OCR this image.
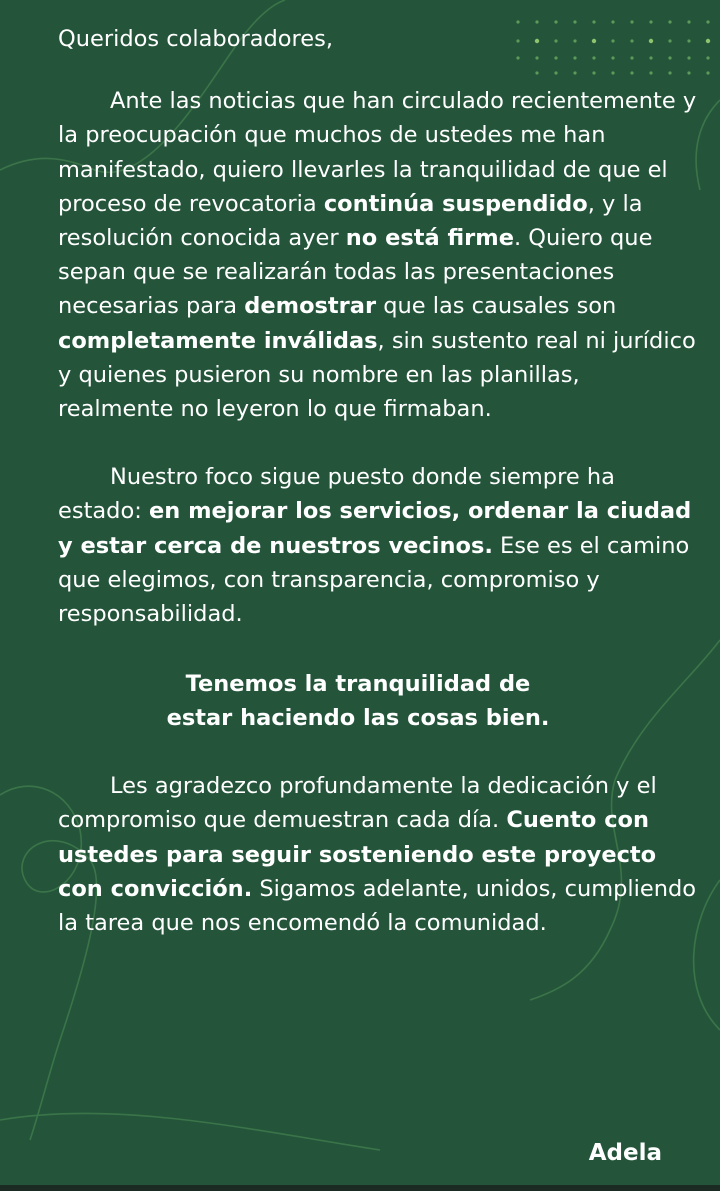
Queridos colaboradores,

Ante las noticias que han circulado recientemente y la preocupación que muchos de ustedes me han manifestado, quiero llevarles la tranquilidad de que el proceso de revocatoria continúa suspendido, y la resolución conocida ayer no está firme. Quiero que sepan que se realizarán todas las presentaciones necesarias para demostrar que las causales son completamente inválidas, sin sustento real ni jurídico y quienes pusieron su nombre en las planillas, realmente no leyeron lo que firmaban.

Nuestro foco sigue puesto donde siempre ha estado: en mejorar los servicios, ordenar la ciudad y estar cerca de nuestros vecinos. Ese es el camino que elegimos, con transparencia, compromiso y responsabilidad.

Tenemos la tranquilidad de
estar haciendo las cosas bien.

Les agradezco profundamente la dedicación y el compromiso que demuestran cada día. Cuento con ustedes para seguir sosteniendo este proyecto con convicción. Sigamos adelante, unidos, cumpliendo la tarea que nos encomendó la comunidad.

Adela
